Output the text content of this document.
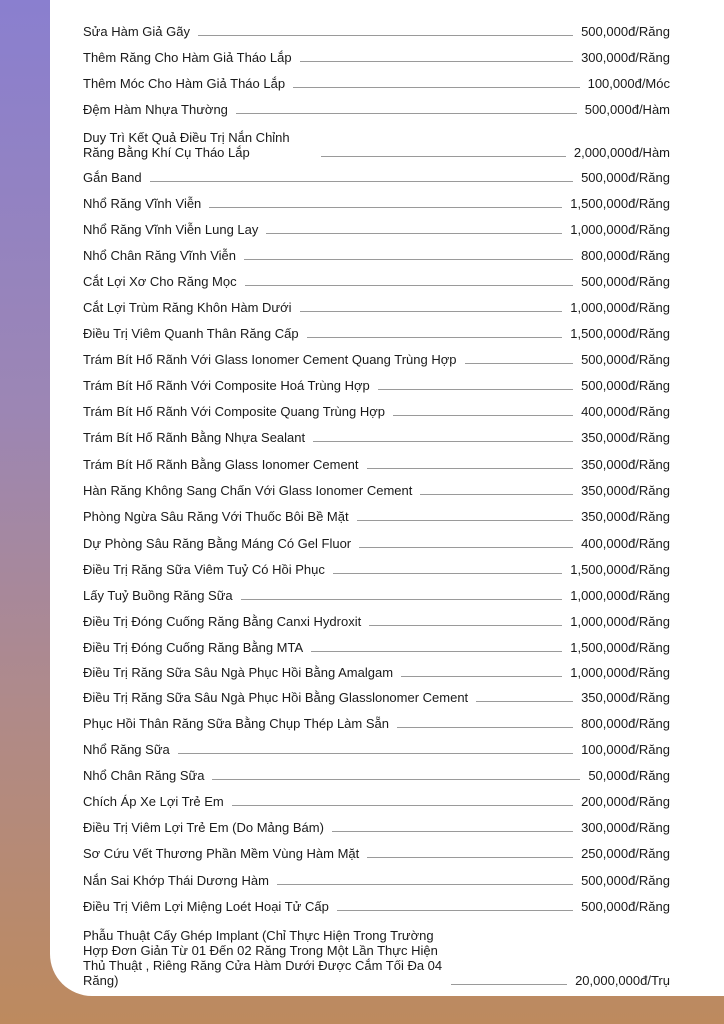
Sửa Hàm Giả Gãy	500,000đ/Răng
Thêm Răng Cho Hàm Giả Tháo Lắp	300,000đ/Răng
Thêm Móc Cho Hàm Giả Tháo Lắp	100,000đ/Móc
Đệm Hàm Nhựa Thường	500,000đ/Hàm
Duy Trì Kết Quả Điều Trị Nắn Chỉnh Răng Bằng Khí Cụ Tháo Lắp	2,000,000đ/Hàm
Gắn Band	500,000đ/Răng
Nhổ Răng Vĩnh Viễn	1,500,000đ/Răng
Nhổ Răng Vĩnh Viễn Lung Lay	1,000,000đ/Răng
Nhổ Chân Răng Vĩnh Viễn	800,000đ/Răng
Cắt Lợi Xơ Cho Răng Mọc	500,000đ/Răng
Cắt Lợi Trùm Răng Khôn Hàm Dưới	1,000,000đ/Răng
Điều Trị Viêm Quanh Thân Răng Cấp	1,500,000đ/Răng
Trám Bít Hố Rãnh Với Glass Ionomer Cement Quang Trùng Hợp	500,000đ/Răng
Trám Bít Hố Rãnh Với Composite Hoá Trùng Hợp	500,000đ/Răng
Trám Bít Hố Rãnh Với Composite Quang Trùng Hợp	400,000đ/Răng
Trám Bít Hố Rãnh Bằng Nhựa Sealant	350,000đ/Răng
Trám Bít Hố Rãnh Bằng Glass Ionomer Cement	350,000đ/Răng
Hàn Răng Không Sang Chấn Với Glass Ionomer Cement	350,000đ/Răng
Phòng Ngừa Sâu Răng Với Thuốc Bôi Bề Mặt	350,000đ/Răng
Dự Phòng Sâu Răng Bằng Máng Có Gel Fluor	400,000đ/Răng
Điều Trị Răng Sữa Viêm Tuỷ Có Hồi Phục	1,500,000đ/Răng
Lấy Tuỷ Buồng Răng Sữa	1,000,000đ/Răng
Điều Trị Đóng Cuống Răng Bằng Canxi Hydroxit	1,000,000đ/Răng
Điều Trị Đóng Cuống Răng Bằng MTA	1,500,000đ/Răng
Điều Trị Răng Sữa Sâu Ngà Phục Hồi Bằng Amalgam	1,000,000đ/Răng
Điều Trị Răng Sữa Sâu Ngà Phục Hồi Bằng Glasslonomer Cement	350,000đ/Răng
Phục Hồi Thân Răng Sữa Bằng Chụp Thép Làm Sẵn	800,000đ/Răng
Nhổ Răng Sữa	100,000đ/Răng
Nhổ Chân Răng Sữa	50,000đ/Răng
Chích Áp Xe Lợi Trẻ Em	200,000đ/Răng
Điều Trị Viêm Lợi Trẻ Em (Do Mảng Bám)	300,000đ/Răng
Sơ Cứu Vết Thương Phần Mềm Vùng Hàm Mặt	250,000đ/Răng
Nắn Sai Khớp Thái Dương Hàm	500,000đ/Răng
Điều Trị Viêm Lợi Miệng Loét Hoại Tử Cấp	500,000đ/Răng
Phẫu Thuật Cấy Ghép Implant (Chỉ Thực Hiện Trong Trường Hợp Đơn Giản Từ 01 Đến 02 Răng Trong Một Lần Thực Hiện Thủ Thuật , Riêng Răng Cửa Hàm Dưới Được Cắm Tối Đa 04 Răng)	20,000,000đ/Trụ
